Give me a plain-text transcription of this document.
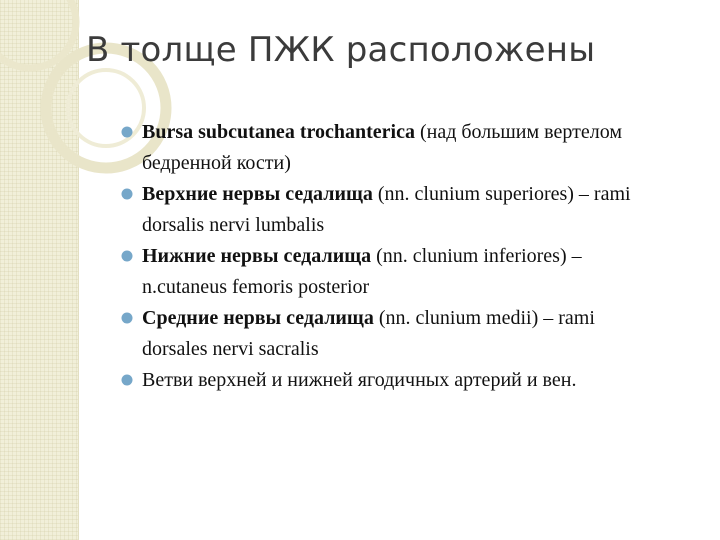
В толще ПЖК расположены
Bursa subcutanea trochanterica (над большим вертелом
бедренной кости)
Верхние нервы седалища (nn. clunium superiores) – rami
dorsalis nervi lumbalis
Нижние нервы седалища (nn. clunium inferiores) –
n.cutaneus femoris posterior
Средние нервы седалища (nn. clunium medii) – rami
dorsales nervi sacralis
Ветви верхней и нижней ягодичных артерий и вен.
